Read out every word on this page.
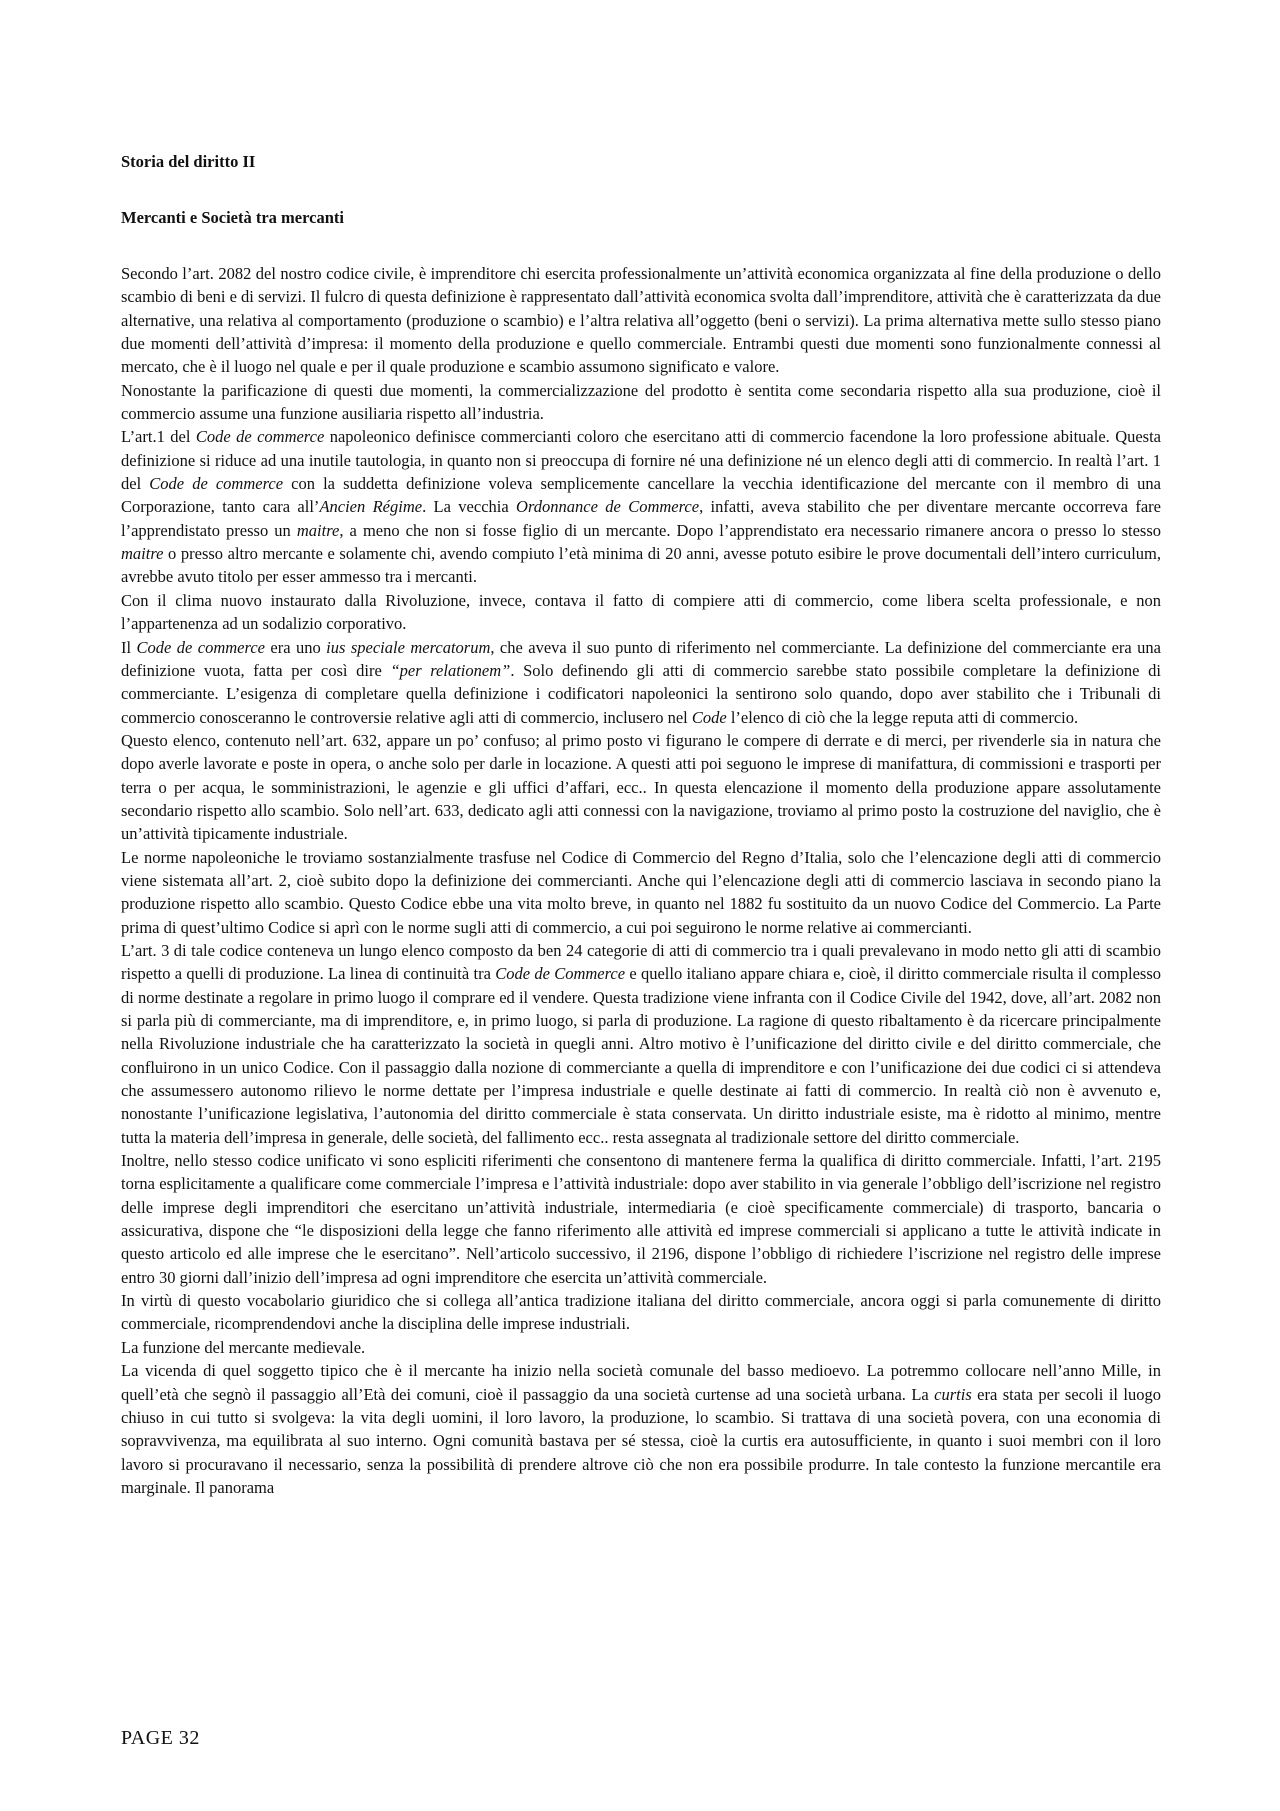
Storia del diritto II
Mercanti e Società tra mercanti

Secondo l’art. 2082 del nostro codice civile, è imprenditore chi esercita professionalmente un’attività economica organizzata al fine della produzione o dello scambio di beni e di servizi. Il fulcro di questa definizione è rappresentato dall’attività economica svolta dall’imprenditore, attività che è caratterizzata da due alternative, una relativa al comportamento (produzione o scambio) e l’altra relativa all’oggetto (beni o servizi). La prima alternativa mette sullo stesso piano due momenti dell’attività d’impresa: il momento della produzione e quello commerciale. Entrambi questi due momenti sono funzionalmente connessi al mercato, che è il luogo nel quale e per il quale produzione e scambio assumono significato e valore.

Nonostante la parificazione di questi due momenti, la commercializzazione del prodotto è sentita come secondaria rispetto alla sua produzione, cioè il commercio assume una funzione ausiliaria rispetto all’industria.

L’art.1 del Code de commerce napoleonico definisce commercianti coloro che esercitano atti di commercio facendone la loro professione abituale. Questa definizione si riduce ad una inutile tautologia, in quanto non si preoccupa di fornire né una definizione né un elenco degli atti di commercio. In realtà l’art. 1 del Code de commerce con la suddetta definizione voleva semplicemente cancellare la vecchia identificazione del mercante con il membro di una Corporazione, tanto cara all’Ancien Régime. La vecchia Ordonnance de Commerce, infatti, aveva stabilito che per diventare mercante occorreva fare l’apprendistato presso un maitre, a meno che non si fosse figlio di un mercante. Dopo l’apprendistato era necessario rimanere ancora o presso lo stesso maitre o presso altro mercante e solamente chi, avendo compiuto l’età minima di 20 anni, avesse potuto esibire le prove documentali dell’intero curriculum, avrebbe avuto titolo per esser ammesso tra i mercanti.

Con il clima nuovo instaurato dalla Rivoluzione, invece, contava il fatto di compiere atti di commercio, come libera scelta professionale, e non l’appartenenza ad un sodalizio corporativo.

Il Code de commerce era uno ius speciale mercatorum, che aveva il suo punto di riferimento nel commerciante. La definizione del commerciante era una definizione vuota, fatta per così dire “per relationem”. Solo definendo gli atti di commercio sarebbe stato possibile completare la definizione di commerciante. L’esigenza di completare quella definizione i codificatori napoleonici la sentirono solo quando, dopo aver stabilito che i Tribunali di commercio conosceranno le controversie relative agli atti di commercio, inclusero nel Code l’elenco di ciò che la legge reputa atti di commercio.

Questo elenco, contenuto nell’art. 632, appare un po’ confuso; al primo posto vi figurano le compere di derrate e di merci, per rivenderle sia in natura che dopo averle lavorate e poste in opera, o anche solo per darle in locazione. A questi atti poi seguono le imprese di manifattura, di commissioni e trasporti per terra o per acqua, le somministrazioni, le agenzie e gli uffici d’affari, ecc.. In questa elencazione il momento della produzione appare assolutamente secondario rispetto allo scambio. Solo nell’art. 633, dedicato agli atti connessi con la navigazione, troviamo al primo posto la costruzione del naviglio, che è un’attività tipicamente industriale.

Le norme napoleoniche le troviamo sostanzialmente trasfuse nel Codice di Commercio del Regno d’Italia, solo che l’elencazione degli atti di commercio viene sistemata all’art. 2, cioè subito dopo la definizione dei commercianti. Anche qui l’elencazione degli atti di commercio lasciava in secondo piano la produzione rispetto allo scambio. Questo Codice ebbe una vita molto breve, in quanto nel 1882 fu sostituito da un nuovo Codice del Commercio. La Parte prima di quest’ultimo Codice si aprì con le norme sugli atti di commercio, a cui poi seguirono le norme relative ai commercianti.

L’art. 3 di tale codice conteneva un lungo elenco composto da ben 24 categorie di atti di commercio tra i quali prevalevano in modo netto gli atti di scambio rispetto a quelli di produzione. La linea di continuità tra Code de Commerce e quello italiano appare chiara e, cioè, il diritto commerciale risulta il complesso di norme destinate a regolare in primo luogo il comprare ed il vendere. Questa tradizione viene infranta con il Codice Civile del 1942, dove, all’art. 2082 non si parla più di commerciante, ma di imprenditore, e, in primo luogo, si parla di produzione. La ragione di questo ribaltamento è da ricercare principalmente nella Rivoluzione industriale che ha caratterizzato la società in quegli anni. Altro motivo è l’unificazione del diritto civile e del diritto commerciale, che confluirono in un unico Codice. Con il passaggio dalla nozione di commerciante a quella di imprenditore e con l’unificazione dei due codici ci si attendeva che assumessero autonomo rilievo le norme dettate per l’impresa industriale e quelle destinate ai fatti di commercio. In realtà ciò non è avvenuto e, nonostante l’unificazione legislativa, l’autonomia del diritto commerciale è stata conservata. Un diritto industriale esiste, ma è ridotto al minimo, mentre tutta la materia dell’impresa in generale, delle società, del fallimento ecc.. resta assegnata al tradizionale settore del diritto commerciale.

Inoltre, nello stesso codice unificato vi sono espliciti riferimenti che consentono di mantenere ferma la qualifica di diritto commerciale. Infatti, l’art. 2195 torna esplicitamente a qualificare come commerciale l’impresa e l’attività industriale: dopo aver stabilito in via generale l’obbligo dell’iscrizione nel registro delle imprese degli imprenditori che esercitano un’attività industriale, intermediaria (e cioè specificamente commerciale) di trasporto, bancaria o assicurativa, dispone che “le disposizioni della legge che fanno riferimento alle attività ed imprese commerciali si applicano a tutte le attività indicate in questo articolo ed alle imprese che le esercitano”. Nell’articolo successivo, il 2196, dispone l’obbligo di richiedere l’iscrizione nel registro delle imprese entro 30 giorni dall’inizio dell’impresa ad ogni imprenditore che esercita un’attività commerciale.

In virtù di questo vocabolario giuridico che si collega all’antica tradizione italiana del diritto commerciale, ancora oggi si parla comunemente di diritto commerciale, ricomprendendovi anche la disciplina delle imprese industriali.

La funzione del mercante medievale.

La vicenda di quel soggetto tipico che è il mercante ha inizio nella società comunale del basso medioevo. La potremmo collocare nell’anno Mille, in quell’età che segnò il passaggio all’Età dei comuni, cioè il passaggio da una società curtense ad una società urbana. La curtis era stata per secoli il luogo chiuso in cui tutto si svolgeva: la vita degli uomini, il loro lavoro, la produzione, lo scambio. Si trattava di una società povera, con una economia di sopravvivenza, ma equilibrata al suo interno. Ogni comunità bastava per sé stessa, cioè la curtis era autosufficiente, in quanto i suoi membri con il loro lavoro si procuravano il necessario, senza la possibilità di prendere altrove ciò che non era possibile produrre. In tale contesto la funzione mercantile era marginale. Il panorama

PAGE 32
